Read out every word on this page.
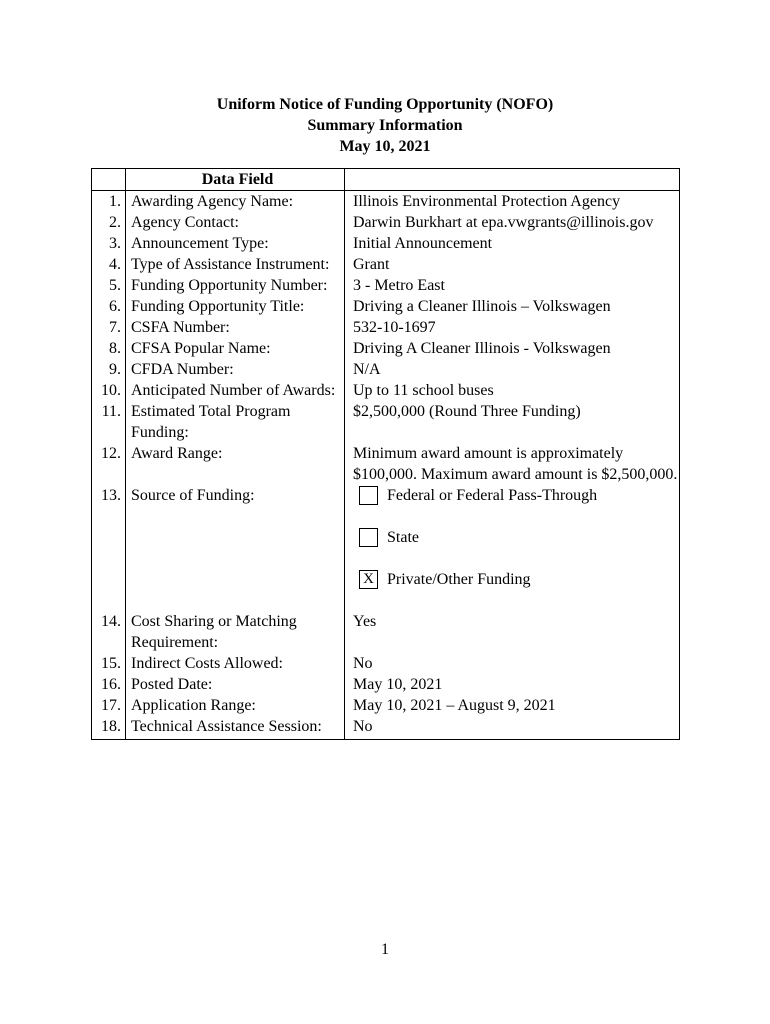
Uniform Notice of Funding Opportunity (NOFO)
Summary Information
May 10, 2021
	Data Field	
1.	Awarding Agency Name:	Illinois Environmental Protection Agency
2.	Agency Contact:	Darwin Burkhart at epa.vwgrants@illinois.gov
3.	Announcement Type:	Initial Announcement
4.	Type of Assistance Instrument:	Grant
5.	Funding Opportunity Number:	3 - Metro East
6.	Funding Opportunity Title:	Driving a Cleaner Illinois – Volkswagen
7.	CSFA Number:	532-10-1697
8.	CFSA Popular Name:	Driving A Cleaner Illinois - Volkswagen
9.	CFDA Number:	N/A
10.	Anticipated Number of Awards:	Up to 11 school buses
11.	Estimated Total Program Funding:	$2,500,000 (Round Three Funding)
12.	Award Range:	Minimum award amount is approximately $100,000. Maximum award amount is $2,500,000.
13.	Source of Funding:	Federal or Federal Pass-Through
State
X Private/Other Funding

14.	Cost Sharing or Matching Requirement:	Yes
15.	Indirect Costs Allowed:	No
16.	Posted Date:	May 10, 2021
17.	Application Range:	May 10, 2021 – August 9, 2021
18.	Technical Assistance Session:	No
1
